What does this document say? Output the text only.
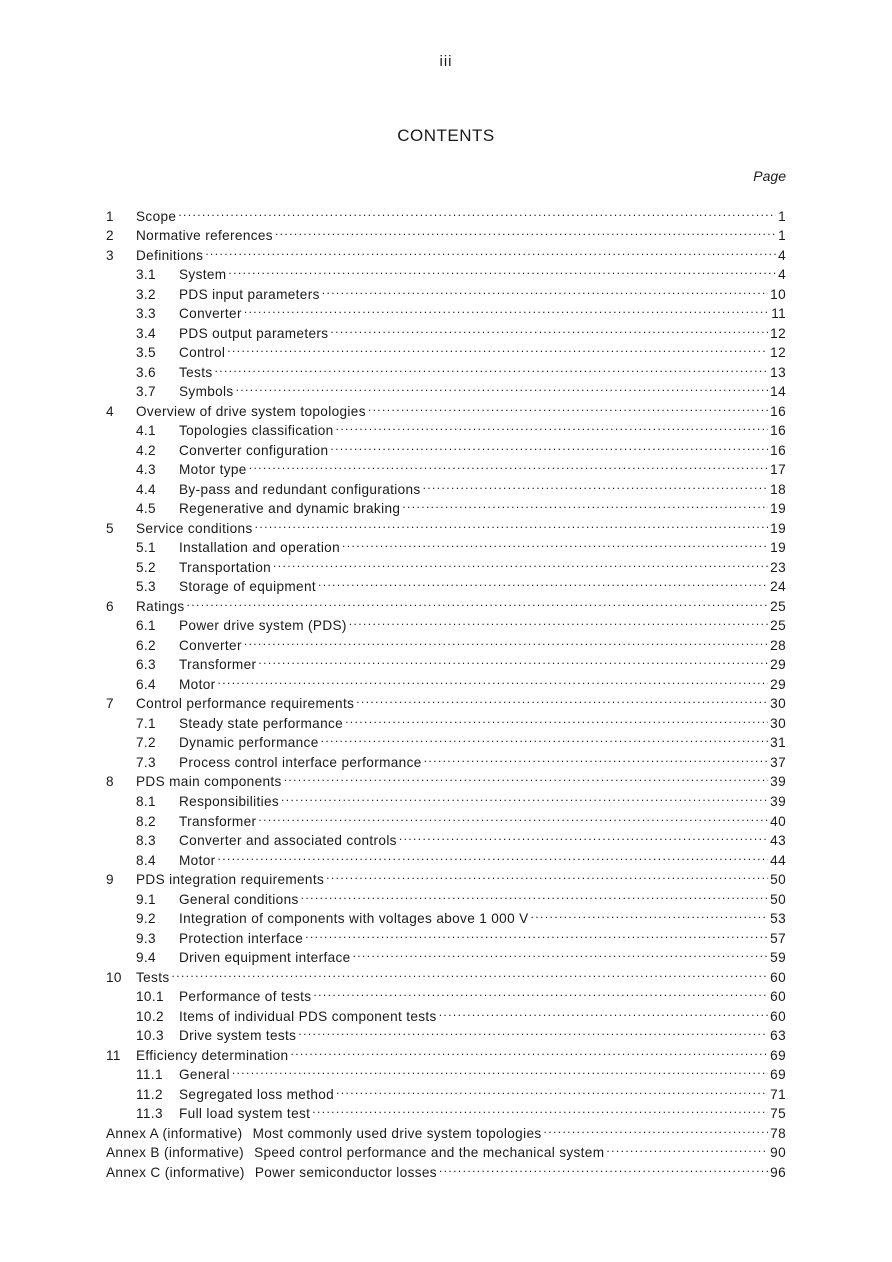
iii
CONTENTS
Page
1	Scope .....	1
2	Normative references .....	1
3	Definitions .....	4
3.1	System .....	4
3.2	PDS input parameters .....	10
3.3	Converter .....	11
3.4	PDS output parameters .....	12
3.5	Control .....	12
3.6	Tests .....	13
3.7	Symbols .....	14
4	Overview of drive system topologies .....	16
4.1	Topologies classification .....	16
4.2	Converter configuration .....	16
4.3	Motor type .....	17
4.4	By-pass and redundant configurations .....	18
4.5	Regenerative and dynamic braking .....	19
5	Service conditions .....	19
5.1	Installation and operation .....	19
5.2	Transportation .....	23
5.3	Storage of equipment .....	24
6	Ratings .....	25
6.1	Power drive system (PDS) .....	25
6.2	Converter .....	28
6.3	Transformer .....	29
6.4	Motor .....	29
7	Control performance requirements .....	30
7.1	Steady state performance .....	30
7.2	Dynamic performance .....	31
7.3	Process control interface performance .....	37
8	PDS main components .....	39
8.1	Responsibilities .....	39
8.2	Transformer .....	40
8.3	Converter and associated controls .....	43
8.4	Motor .....	44
9	PDS integration requirements .....	50
9.1	General conditions .....	50
9.2	Integration of components with voltages above 1 000 V .....	53
9.3	Protection interface .....	57
9.4	Driven equipment interface .....	59
10	Tests .....	60
10.1	Performance of tests .....	60
10.2	Items of individual PDS component tests .....	60
10.3	Drive system tests .....	63
11	Efficiency determination .....	69
11.1	General .....	69
11.2	Segregated loss method .....	71
11.3	Full load system test .....	75
Annex A (informative) Most commonly used drive system topologies .....	78
Annex B (informative) Speed control performance and the mechanical system .....	90
Annex C (informative) Power semiconductor losses .....	96
